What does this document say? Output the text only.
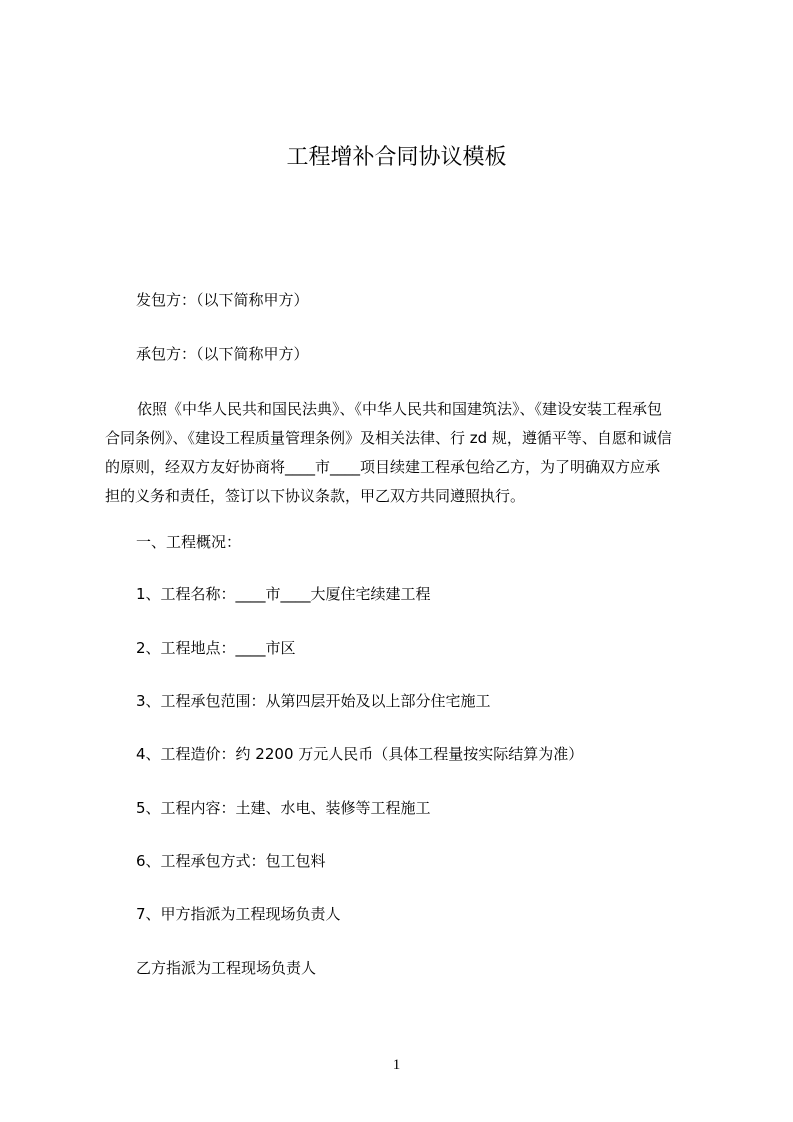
工程增补合同协议模板
发包方：（以下简称甲方）
承包方：（以下简称甲方）
依照《中华人民共和国民法典》、《中华人民共和国建筑法》、《建设安装工程承包
合同条例》、《建设工程质量管理条例》及相关法律、行 zd 规，遵循平等、自愿和诚信
的原则，经双方友好协商将____市____项目续建工程承包给乙方，为了明确双方应承
担的义务和责任，签订以下协议条款，甲乙双方共同遵照执行。
一、工程概况：
1、工程名称：____市____大厦住宅续建工程
2、工程地点：____市区
3、工程承包范围：从第四层开始及以上部分住宅施工
4、工程造价：约 2200 万元人民币（具体工程量按实际结算为准）
5、工程内容：土建、水电、装修等工程施工
6、工程承包方式：包工包料
7、甲方指派为工程现场负责人
乙方指派为工程现场负责人
1
